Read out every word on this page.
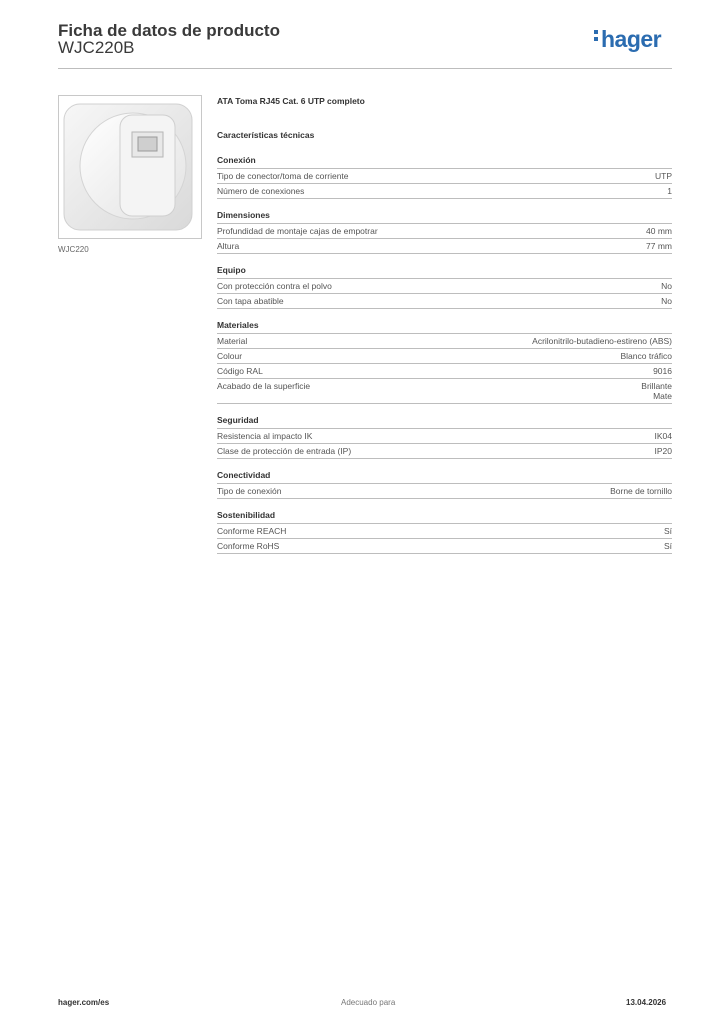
Ficha de datos de producto
WJC220B	hager
WJC220
ATA Toma RJ45 Cat. 6 UTP completo
Características técnicas
Conexión
Tipo de conector/toma de corriente	UTP
Número de conexiones	1
Dimensiones
Profundidad de montaje cajas de empotrar	40 mm
Altura	77 mm
Equipo
Con protección contra el polvo	No
Con tapa abatible	No
Materiales
Material	Acrilonitrilo-butadieno-estireno (ABS)
Colour	Blanco tráfico
Código RAL	9016
Acabado de la superficie	Brillante
Mate
Seguridad
Resistencia al impacto IK	IK04
Clase de protección de entrada (IP)	IP20
Conectividad
Tipo de conexión	Borne de tornillo
Sostenibilidad
Conforme REACH	Sí
Conforme RoHS	Sí
hager.com/es	Adecuado para	13.04.2026
